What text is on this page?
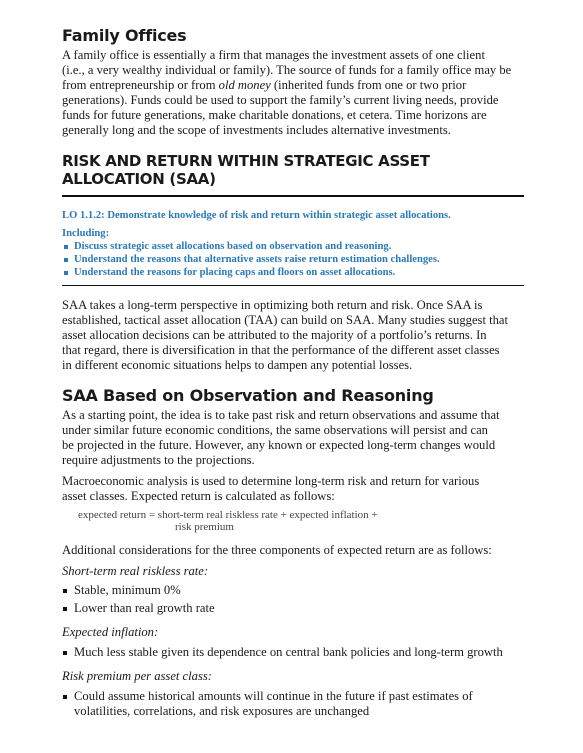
Family Offices

A family office is essentially a firm that manages the investment assets of one client
(i.e., a very wealthy individual or family). The source of funds for a family office may be
from entrepreneurship or from old money (inherited funds from one or two prior
generations). Funds could be used to support the family’s current living needs, provide
funds for future generations, make charitable donations, et cetera. Time horizons are
generally long and the scope of investments includes alternative investments.

RISK AND RETURN WITHIN STRATEGIC ASSET ALLOCATION (SAA)
LO 1.1.2: Demonstrate knowledge of risk and return within strategic asset allocations.
Including:
Discuss strategic asset allocations based on observation and reasoning.
Understand the reasons that alternative assets raise return estimation challenges.
Understand the reasons for placing caps and floors on asset allocations.

SAA takes a long-term perspective in optimizing both return and risk. Once SAA is
established, tactical asset allocation (TAA) can build on SAA. Many studies suggest that
asset allocation decisions can be attributed to the majority of a portfolio’s returns. In
that regard, there is diversification in that the performance of the different asset classes
in different economic situations helps to dampen any potential losses.

SAA Based on Observation and Reasoning

As a starting point, the idea is to take past risk and return observations and assume that
under similar future economic conditions, the same observations will persist and can
be projected in the future. However, any known or expected long-term changes would
require adjustments to the projections.

Macroeconomic analysis is used to determine long-term risk and return for various
asset classes. Expected return is calculated as follows:

expected return = short-term real riskless rate + expected inflation +
risk premium

Additional considerations for the three components of expected return are as follows:

Short-term real riskless rate:

Stable, minimum 0%
Lower than real growth rate

Expected inflation:

Much less stable given its dependence on central bank policies and long-term growth

Risk premium per asset class:

Could assume historical amounts will continue in the future if past estimates of volatilities, correlations, and risk exposures are unchanged
